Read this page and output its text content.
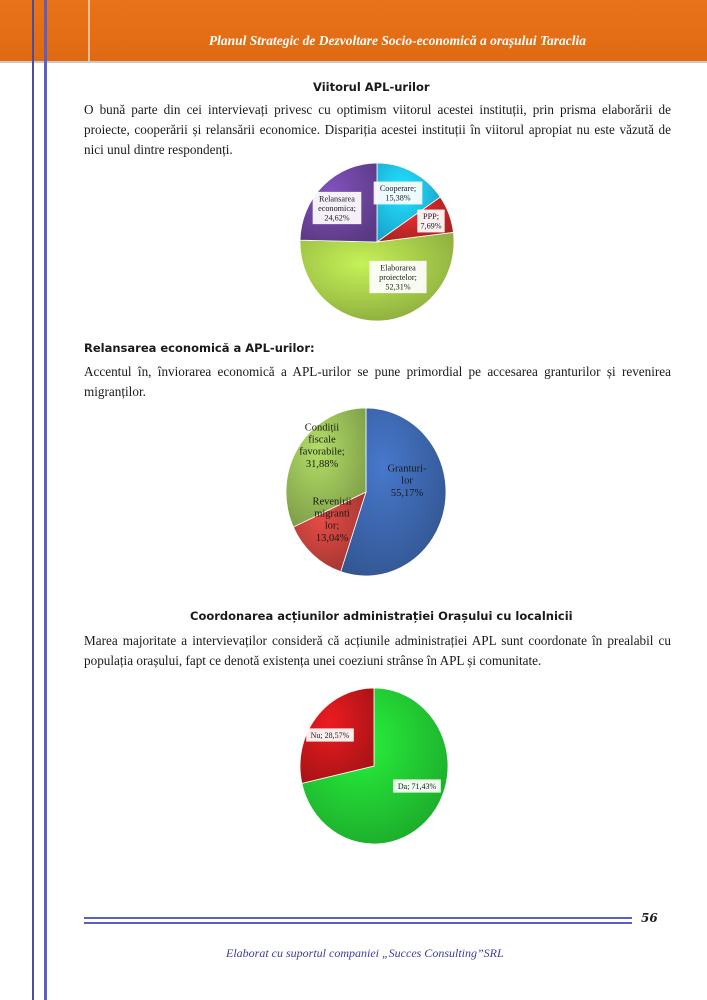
Planul Strategic de Dezvoltare Socio-economică a orașului Taraclia
Viitorul APL-urilor
O bună parte din cei intervievați privesc cu optimism viitorul acestei instituții, prin prisma elaborării de proiecte, cooperării și relansării economice. Dispariția acestei instituții în viitorul apropiat nu este văzută de nici unul dintre respondenți.
Cooperare;
15,38%
PPP;
7,69%
Elaborarea
proiectelor;
52,31%
Relansarea
economica;
24,62%
Relansarea economică a APL-urilor:
Accentul în, înviorarea economică a APL-urilor se pune primordial pe accesarea granturilor și revenirea migranților.
Granturi-
lor
55,17%
Revenirii
migranti
lor;
13,04%
Condiții
fiscale
favorabile;
31,88%
Coordonarea acțiunilor administrației Orașului cu localnicii
Marea majoritate a intervievaților consideră că acțiunile administrației APL sunt coordonate în prealabil cu populația orașului, fapt ce denotă existența unei coeziuni strânse în APL și comunitate.
Da; 71,43%
Nu; 28,57%
56
Elaborat cu suportul companiei „Succes Consulting”SRL
